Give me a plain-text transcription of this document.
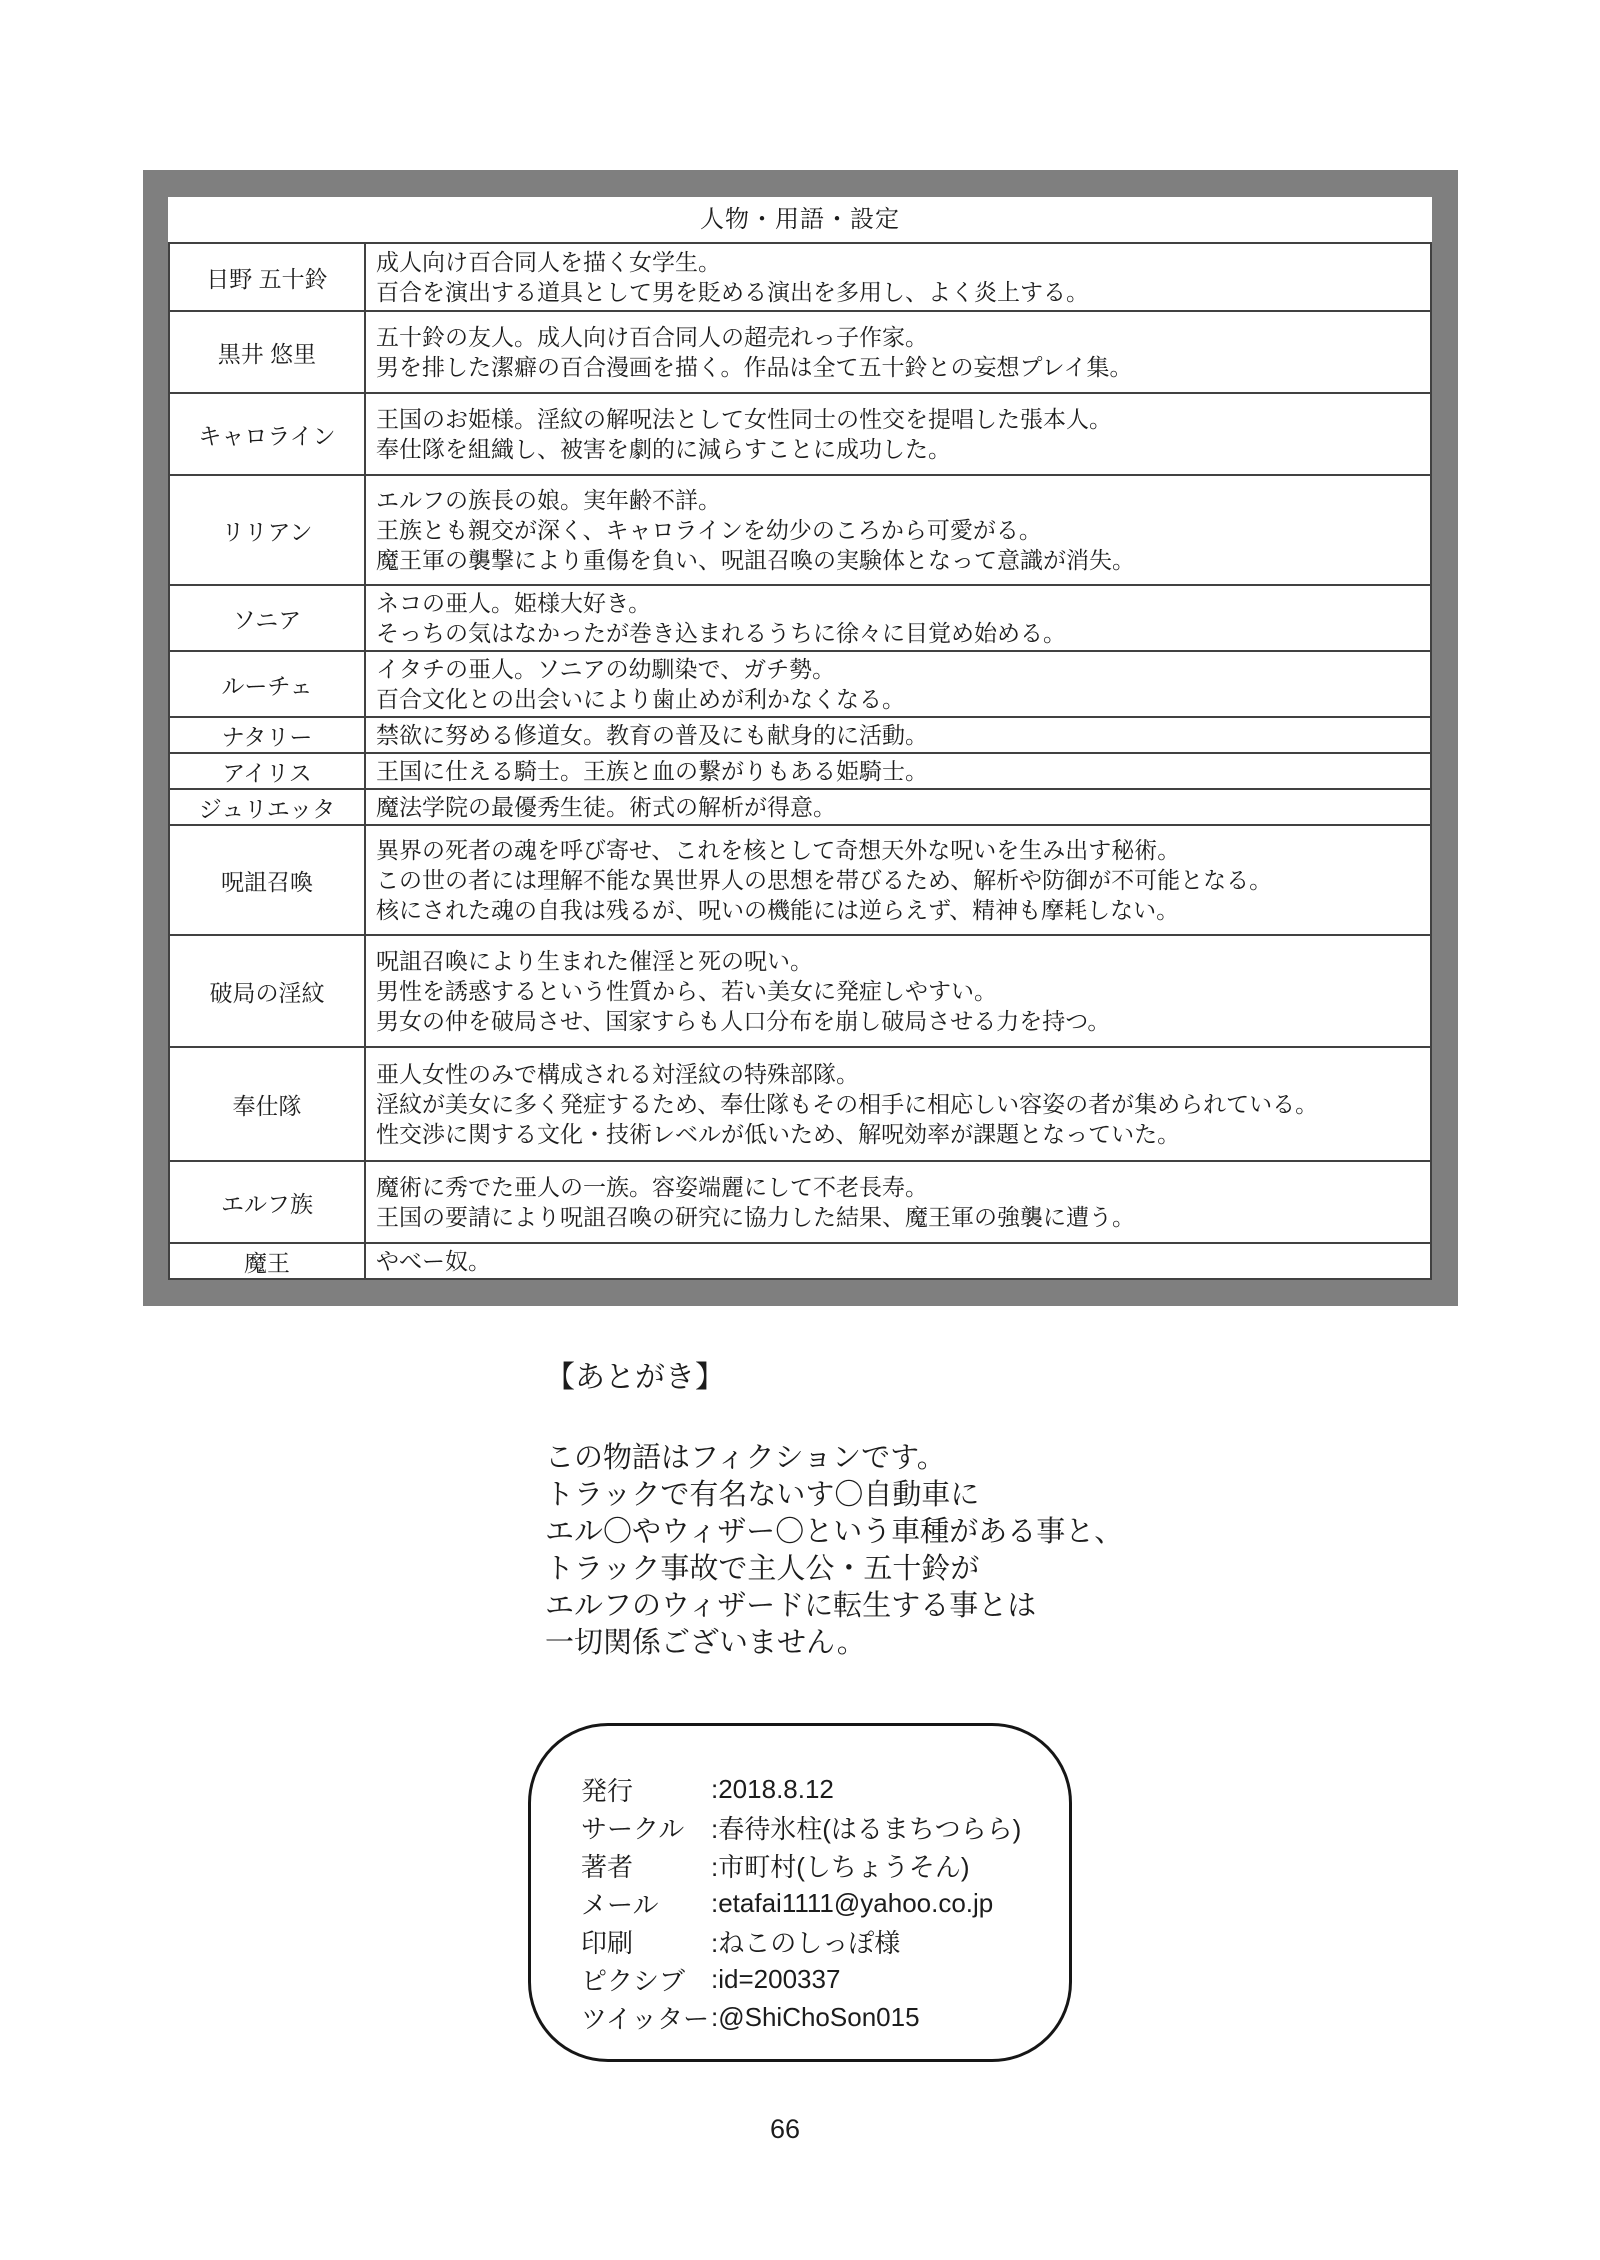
人物・用語・設定
日野 五十鈴	成人向け百合同人を描く女学生。
百合を演出する道具として男を貶める演出を多用し、よく炎上する。

黒井 悠里	五十鈴の友人。成人向け百合同人の超売れっ子作家。
男を排した潔癖の百合漫画を描く。作品は全て五十鈴との妄想プレイ集。

キャロライン	王国のお姫様。淫紋の解呪法として女性同士の性交を提唱した張本人。
奉仕隊を組織し、被害を劇的に減らすことに成功した。

リリアン	エルフの族長の娘。実年齢不詳。
王族とも親交が深く、キャロラインを幼少のころから可愛がる。
魔王軍の襲撃により重傷を負い、呪詛召喚の実験体となって意識が消失。

ソニア	ネコの亜人。姫様大好き。
そっちの気はなかったが巻き込まれるうちに徐々に目覚め始める。

ルーチェ	イタチの亜人。ソニアの幼馴染で、ガチ勢。
百合文化との出会いにより歯止めが利かなくなる。

ナタリー	禁欲に努める修道女。教育の普及にも献身的に活動。

アイリス	王国に仕える騎士。王族と血の繋がりもある姫騎士。

ジュリエッタ	魔法学院の最優秀生徒。術式の解析が得意。

呪詛召喚	異界の死者の魂を呼び寄せ、これを核として奇想天外な呪いを生み出す秘術。
この世の者には理解不能な異世界人の思想を帯びるため、解析や防御が不可能となる。
核にされた魂の自我は残るが、呪いの機能には逆らえず、精神も摩耗しない。

破局の淫紋	呪詛召喚により生まれた催淫と死の呪い。
男性を誘惑するという性質から、若い美女に発症しやすい。
男女の仲を破局させ、国家すらも人口分布を崩し破局させる力を持つ。

奉仕隊	亜人女性のみで構成される対淫紋の特殊部隊。
淫紋が美女に多く発症するため、奉仕隊もその相手に相応しい容姿の者が集められている。
性交渉に関する文化・技術レベルが低いため、解呪効率が課題となっていた。

エルフ族	魔術に秀でた亜人の一族。容姿端麗にして不老長寿。
王国の要請により呪詛召喚の研究に協力した結果、魔王軍の強襲に遭う。

魔王	やべー奴。
【あとがき】
この物語はフィクションです。
トラックで有名ないす〇自動車に
エル〇やウィザー〇という車種がある事と、
トラック事故で主人公・五十鈴が
エルフのウィザードに転生する事とは
一切関係ございません。
発行	:2018.8.12
サークル	:春待氷柱(はるまちつらら)
著者	:市町村(しちょうそん)
メール	:etafai1111@yahoo.co.jp
印刷	:ねこのしっぽ様
ピクシブ :id=200337
ツイッター :@ShiChoSon015
66
